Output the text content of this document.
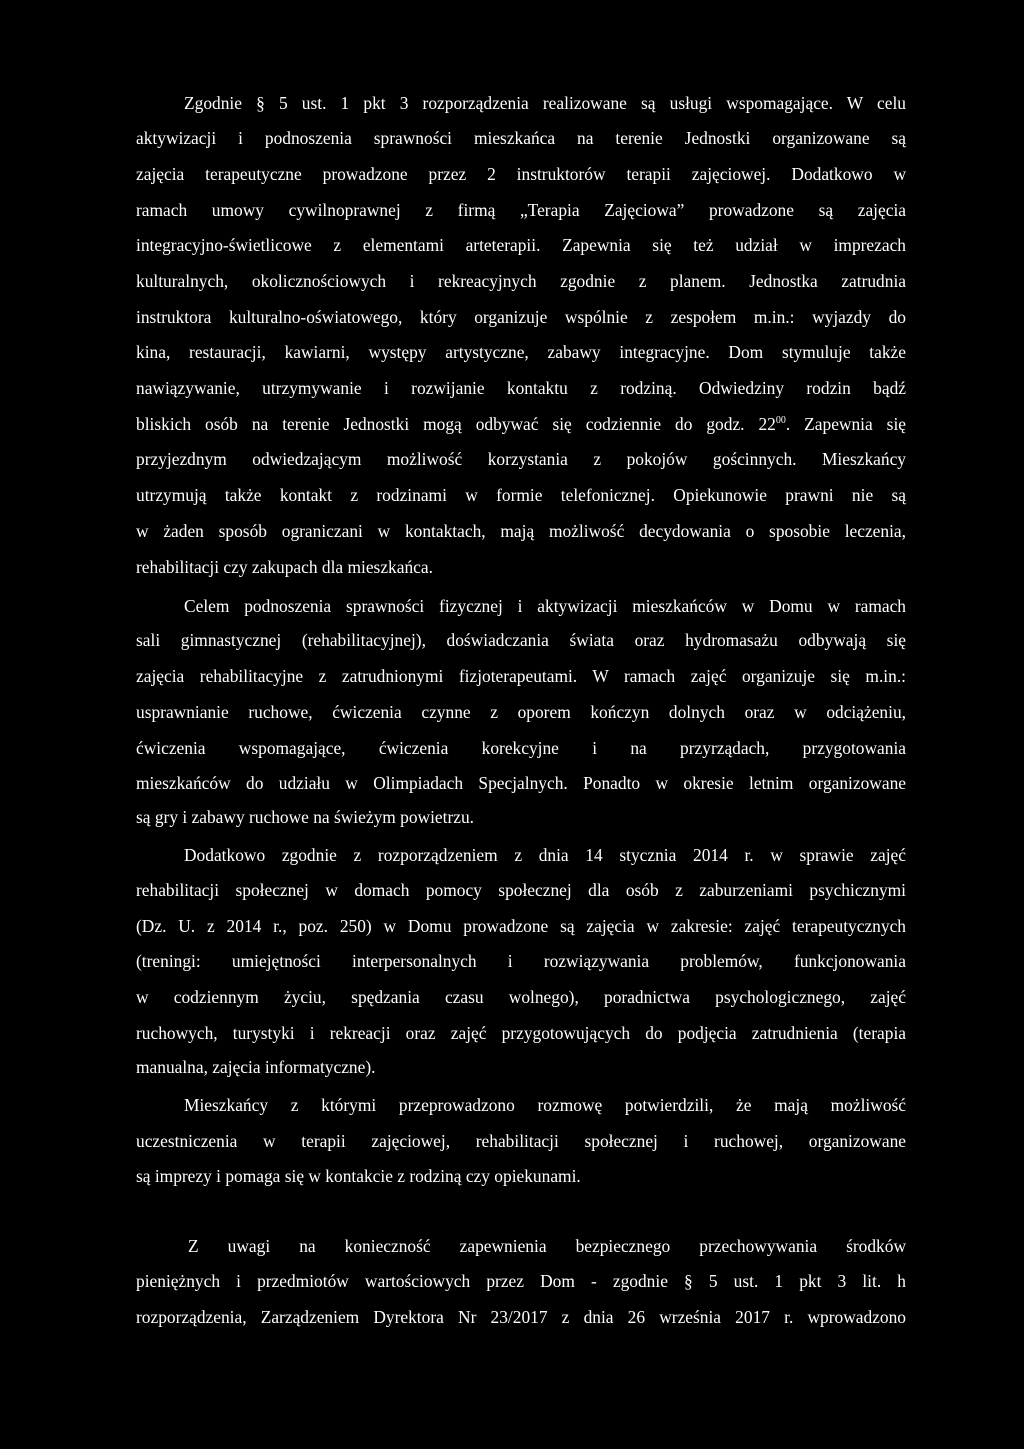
Zgodnie § 5 ust. 1 pkt 3 rozporządzenia realizowane są usługi wspomagające. W celu
aktywizacji i podnoszenia sprawności mieszkańca na terenie Jednostki organizowane są
zajęcia terapeutyczne prowadzone przez 2 instruktorów terapii zajęciowej. Dodatkowo w
ramach umowy cywilnoprawnej z firmą „Terapia Zajęciowa” prowadzone są zajęcia
integracyjno-świetlicowe z elementami arteterapii. Zapewnia się też udział w imprezach
kulturalnych, okolicznościowych i rekreacyjnych zgodnie z planem. Jednostka zatrudnia
instruktora kulturalno-oświatowego, który organizuje wspólnie z zespołem m.in.: wyjazdy do
kina, restauracji, kawiarni, występy artystyczne, zabawy integracyjne. Dom stymuluje także
nawiązywanie, utrzymywanie i rozwijanie kontaktu z rodziną. Odwiedziny rodzin bądź
bliskich osób na terenie Jednostki mogą odbywać się codziennie do godz. $22^{00}$. Zapewnia się
przyjezdnym odwiedzającym możliwość korzystania z pokojów gościnnych. Mieszkańcy
utrzymują także kontakt z rodzinami w formie telefonicznej. Opiekunowie prawni nie są
w żaden sposób ograniczani w kontaktach, mają możliwość decydowania o sposobie leczenia,
rehabilitacji czy zakupach dla mieszkańca.
Celem podnoszenia sprawności fizycznej i aktywizacji mieszkańców w Domu w ramach
sali gimnastycznej (rehabilitacyjnej), doświadczania świata oraz hydromasażu odbywają się
zajęcia rehabilitacyjne z zatrudnionymi fizjoterapeutami. W ramach zajęć organizuje się m.in.:
usprawnianie ruchowe, ćwiczenia czynne z oporem kończyn dolnych oraz w odciążeniu,
ćwiczenia wspomagające, ćwiczenia korekcyjne i na przyrządach, przygotowania
mieszkańców do udziału w Olimpiadach Specjalnych. Ponadto w okresie letnim organizowane
są gry i zabawy ruchowe na świeżym powietrzu.
Dodatkowo zgodnie z rozporządzeniem z dnia 14 stycznia 2014 r. w sprawie zajęć
rehabilitacji społecznej w domach pomocy społecznej dla osób z zaburzeniami psychicznymi
(Dz. U. z 2014 r., poz. 250) w Domu prowadzone są zajęcia w zakresie: zajęć terapeutycznych
(treningi: umiejętności interpersonalnych i rozwiązywania problemów, funkcjonowania
w codziennym życiu, spędzania czasu wolnego), poradnictwa psychologicznego, zajęć
ruchowych, turystyki i rekreacji oraz zajęć przygotowujących do podjęcia zatrudnienia (terapia
manualna, zajęcia informatyczne).
Mieszkańcy z którymi przeprowadzono rozmowę potwierdzili, że mają możliwość
uczestniczenia w terapii zajęciowej, rehabilitacji społecznej i ruchowej, organizowane
są imprezy i pomaga się w kontakcie z rodziną czy opiekunami.
Z uwagi na konieczność zapewnienia bezpiecznego przechowywania środków
pieniężnych i przedmiotów wartościowych przez Dom - zgodnie § 5 ust. 1 pkt 3 lit. h
rozporządzenia, Zarządzeniem Dyrektora Nr 23/2017 z dnia 26 września 2017 r. wprowadzono
